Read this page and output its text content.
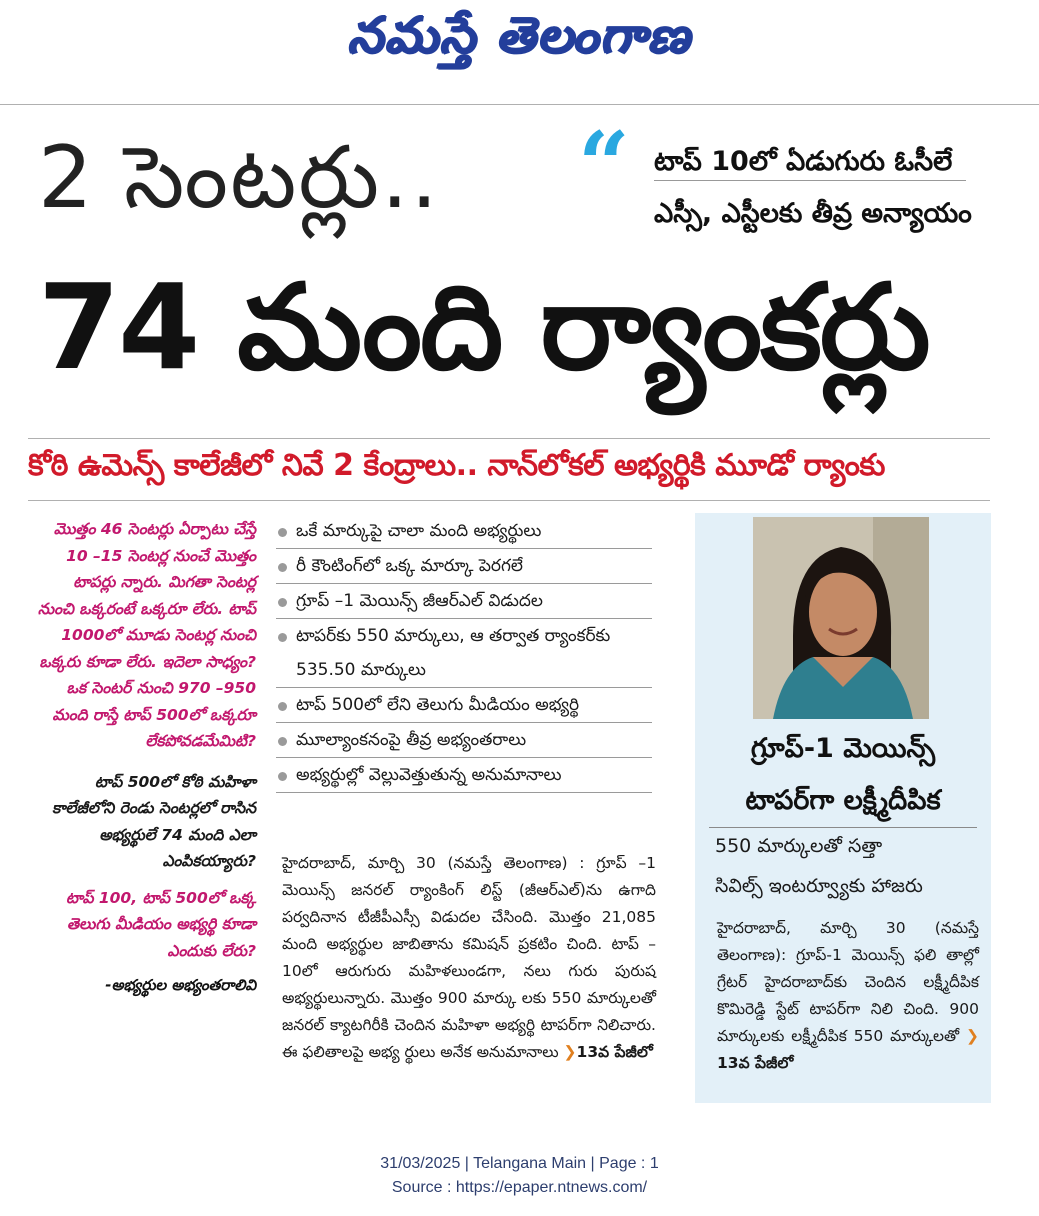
నమస్తే తెలంగాణ
2 సెంటర్లు.. “ టాప్ 10లో ఏడుగురు ఓసీలే
ఎస్సీ, ఎస్టీలకు తీవ్ర అన్యాయం
74 మంది ర్యాంకర్లు
కోఠి ఉమెన్స్ కాలేజీలో నివే 2 కేంద్రాలు.. నాన్‌లోకల్ అభ్యర్థికి మూడో ర్యాంకు
మొత్తం 46 సెంటర్లు ఏర్పాటు చేస్తే 10 –15 సెంటర్ల నుంచే మొత్తం టాపర్లు న్నారు. మిగతా సెంటర్ల నుంచి ఒక్కరంటే ఒక్కరూ లేరు. టాప్ 1000లో మూడు సెంటర్ల నుంచి ఒక్కరు కూడా లేరు. ఇదెలా సాధ్యం? ఒక సెంటర్ నుంచి 970 –950 మంది రాస్తే టాప్ 500లో ఒక్కరూ లేకపోవడమేమిటి?
టాప్ 500లో కోఠి మహిళా కాలేజీలోని రెండు సెంటర్లలో రాసిన అభ్యర్థులే 74 మంది ఎలా ఎంపికయ్యారు?
టాప్ 100, టాప్ 500లో ఒక్క తెలుగు మీడియం అభ్యర్థి కూడా ఎందుకు లేరు?
-అభ్యర్థుల అభ్యంతరాలివి
ఒకే మార్కుపై చాలా మంది అభ్యర్థులు
రీ కౌంటింగ్‌లో ఒక్క మార్కూ పెరగలే
గ్రూప్ –1 మెయిన్స్ జీఆర్‌ఎల్ విడుదల
టాపర్‌కు 550 మార్కులు, ఆ తర్వాత ర్యాంకర్‌కు 535.50 మార్కులు
టాప్ 500లో లేని తెలుగు మీడియం అభ్యర్థి
మూల్యాంకనంపై తీవ్ర అభ్యంతరాలు
అభ్యర్థుల్లో వెల్లువెత్తుతున్న అనుమానాలు
హైదరాబాద్, మార్చి 30 (నమస్తే తెలంగాణ) : గ్రూప్ –1 మెయిన్స్ జనరల్ ర్యాంకింగ్ లిస్ట్ (జీఆర్‌ఎల్)ను ఉగాది పర్వదినాన టీజీపీఎస్సీ విడుదల చేసింది. మొత్తం 21,085 మంది అభ్యర్థుల జాబితాను కమిషన్ ప్రకటిం చింది. టాప్ –10లో ఆరుగురు మహిళలుండగా, నలు గురు పురుష అభ్యర్థులున్నారు. మొత్తం 900 మార్కు లకు 550 మార్కులతో జనరల్ క్యాటగిరీకి చెందిన మహిళా అభ్యర్థి టాపర్‌గా నిలిచారు. ఈ ఫలితాలపై అభ్య ర్థులు అనేక అనుమానాలు ❯13వ పేజీలో
గ్రూప్-1 మెయిన్స్
టాపర్‌గా లక్ష్మీదీపిక
550 మార్కులతో సత్తా
సివిల్స్ ఇంటర్వ్యూకు హాజరు
హైదరాబాద్, మార్చి 30 (నమస్తే తెలంగాణ): గ్రూప్-1 మెయిన్స్ ఫలి తాల్లో గ్రేటర్ హైదరాబాద్‌కు చెందిన లక్ష్మీదీపిక కొమిరెడ్డి స్టేట్ టాపర్‌గా నిలి చింది. 900 మార్కులకు లక్ష్మీదీపిక 550 మార్కులతో ❯13వ పేజీలో
31/03/2025 | Telangana Main | Page : 1
Source : https://epaper.ntnews.com/
